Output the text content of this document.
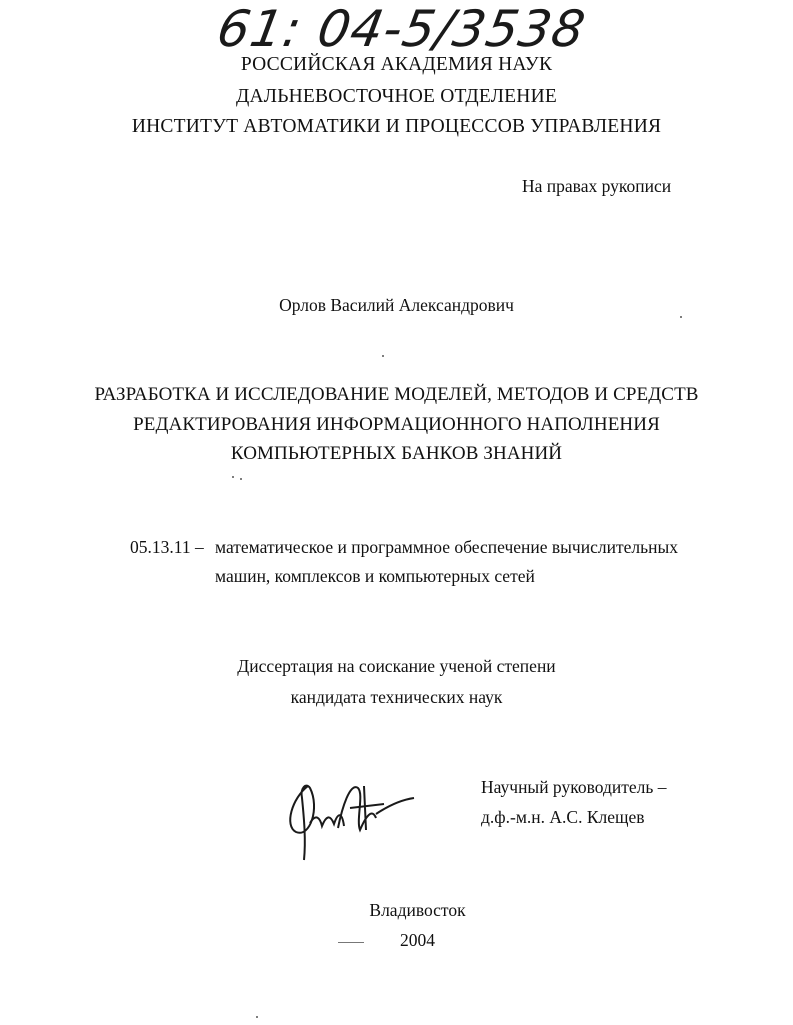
61: 04-5/3538
РОССИЙСКАЯ АКАДЕМИЯ НАУК
ДАЛЬНЕВОСТОЧНОЕ ОТДЕЛЕНИЕ
ИНСТИТУТ АВТОМАТИКИ И ПРОЦЕССОВ УПРАВЛЕНИЯ
На правах рукописи
Орлов Василий Александрович
РАЗРАБОТКА И ИССЛЕДОВАНИЕ МОДЕЛЕЙ, МЕТОДОВ И СРЕДСТВ
РЕДАКТИРОВАНИЯ ИНФОРМАЦИОННОГО НАПОЛНЕНИЯ
КОМПЬЮТЕРНЫХ БАНКОВ ЗНАНИЙ
05.13.11 – математическое и программное обеспечение вычислительных
машин, комплексов и компьютерных сетей
Диссертация на соискание ученой степени
кандидата технических наук
Научный руководитель –
д.ф.-м.н. А.С. Клещев
Владивосток
2004
